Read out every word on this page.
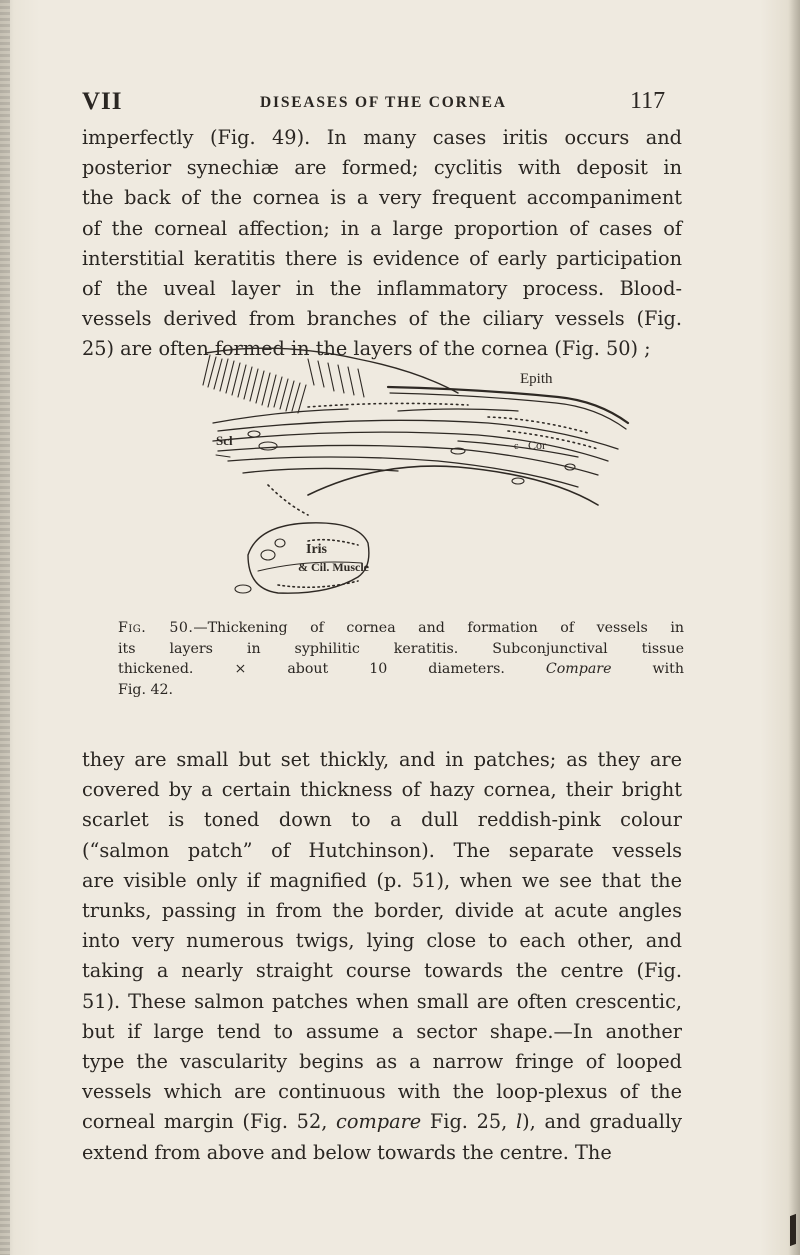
VII	DISEASES OF THE CORNEA	117
imperfectly (Fig. 49). In many cases iritis occurs and
posterior synechiæ are formed; cyclitis with deposit in
the back of the cornea is a very frequent accompaniment
of the corneal affection; in a large proportion of cases of
interstitial keratitis there is evidence of early participation
of the uveal layer in the inflammatory process. Blood-
vessels derived from branches of the ciliary vessels (Fig.
25) are often formed in the layers of the cornea (Fig. 50) ;
Epith
Scl	Cor
c
Iris
& Cil. Muscle
Fig. 50.—Thickening of cornea and formation of vessels in
its layers in syphilitic keratitis. Subconjunctival tissue
thickened. × about 10 diameters. Compare with
Fig. 42.
they are small but set thickly, and in patches; as they are
covered by a certain thickness of hazy cornea, their bright
scarlet is toned down to a dull reddish-pink colour
(“salmon patch” of Hutchinson). The separate vessels
are visible only if magnified (p. 51), when we see that the
trunks, passing in from the border, divide at acute angles
into very numerous twigs, lying close to each other, and
taking a nearly straight course towards the centre (Fig.
51). These salmon patches when small are often crescentic,
but if large tend to assume a sector shape.—In another
type the vascularity begins as a narrow fringe of looped
vessels which are continuous with the loop-plexus of the
corneal margin (Fig. 52, compare Fig. 25, l), and gradually
extend from above and below towards the centre. The
